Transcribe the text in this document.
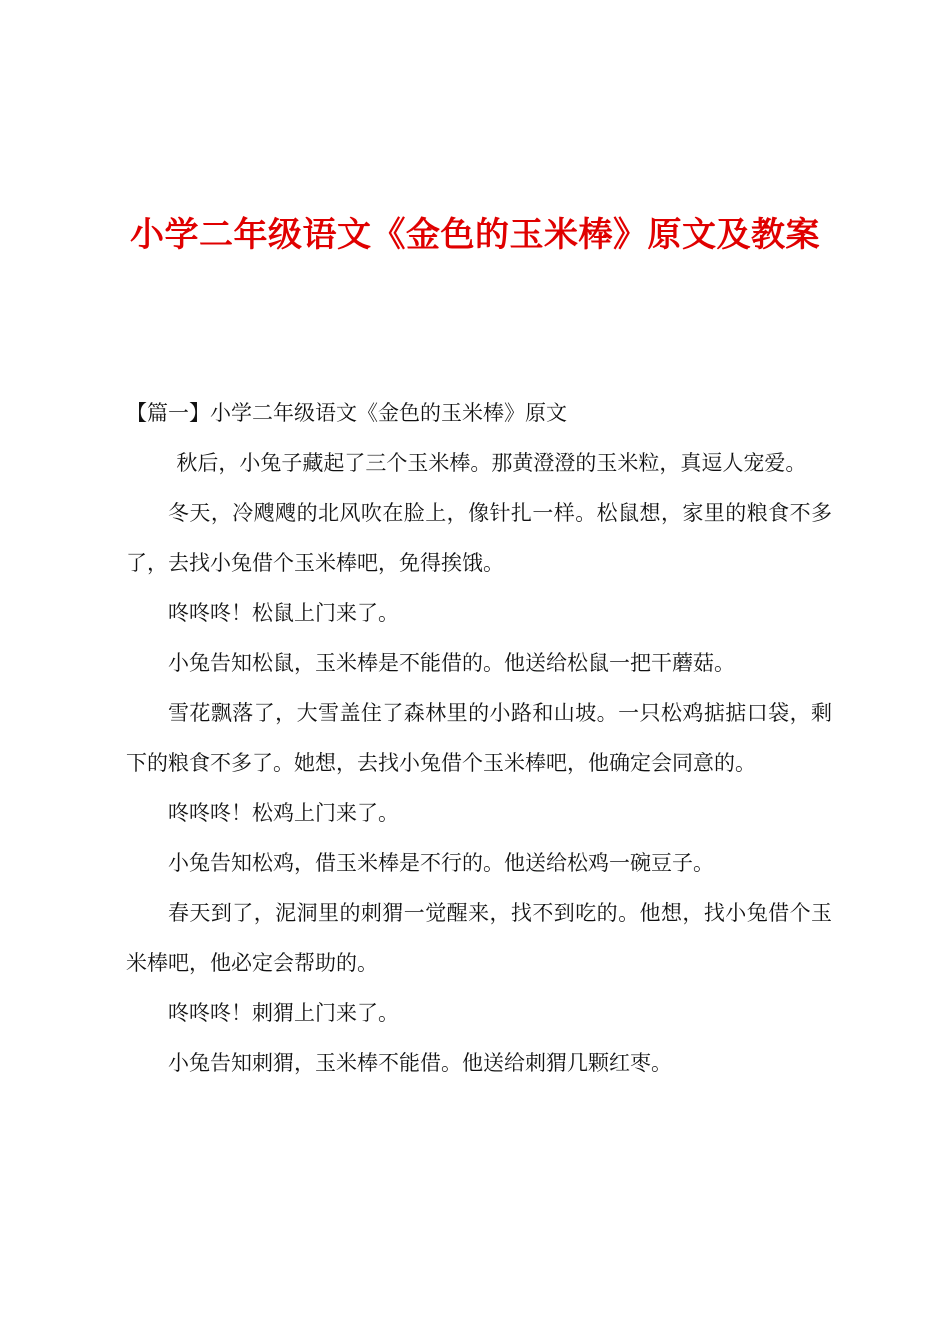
小学二年级语文《金色的玉米棒》原文及教案

【篇一】小学二年级语文《金色的玉米棒》原文

秋后，小兔子藏起了三个玉米棒。那黄澄澄的玉米粒，真逗人宠爱。

冬天，冷飕飕的北风吹在脸上，像针扎一样。松鼠想，家里的粮食不多了，去找小兔借个玉米棒吧，免得挨饿。

咚咚咚！松鼠上门来了。

小兔告知松鼠，玉米棒是不能借的。他送给松鼠一把干蘑菇。

雪花飘落了，大雪盖住了森林里的小路和山坡。一只松鸡掂掂口袋，剩下的粮食不多了。她想，去找小兔借个玉米棒吧，他确定会同意的。

咚咚咚！松鸡上门来了。

小兔告知松鸡，借玉米棒是不行的。他送给松鸡一碗豆子。

春天到了，泥洞里的刺猬一觉醒来，找不到吃的。他想，找小兔借个玉米棒吧，他必定会帮助的。

咚咚咚！刺猬上门来了。

小兔告知刺猬，玉米棒不能借。他送给刺猬几颗红枣。
